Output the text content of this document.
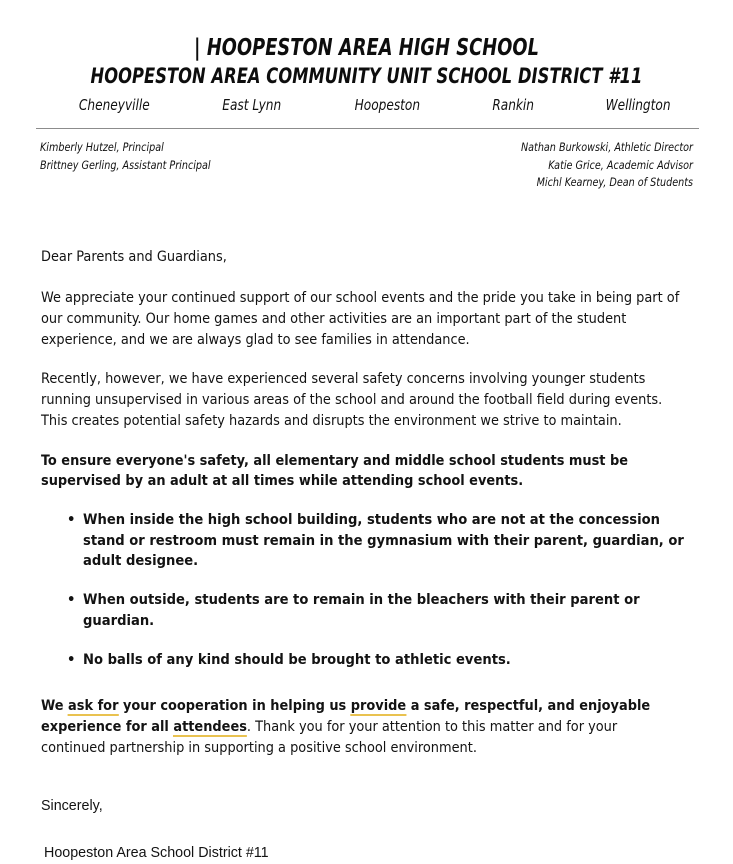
| HOOPESTON AREA HIGH SCHOOL
HOOPESTON AREA COMMUNITY UNIT SCHOOL DISTRICT #11
Cheneyville	East Lynn	Hoopeston	Rankin	Wellington
Kimberly Hutzel, Principal
Brittney Gerling, Assistant Principal
Nathan Burkowski, Athletic Director
Katie Grice, Academic Advisor
Michl Kearney, Dean of Students

Dear Parents and Guardians,

We appreciate your continued support of our school events and the pride you take in being part of our community. Our home games and other activities are an important part of the student experience, and we are always glad to see families in attendance.

Recently, however, we have experienced several safety concerns involving younger students running unsupervised in various areas of the school and around the football field during events. This creates potential safety hazards and disrupts the environment we strive to maintain.

To ensure everyone's safety, all elementary and middle school students must be supervised by an adult at all times while attending school events.

• When inside the high school building, students who are not at the concession stand or restroom must remain in the gymnasium with their parent, guardian, or adult designee.
• When outside, students are to remain in the bleachers with their parent or guardian.
• No balls of any kind should be brought to athletic events.

We ask for your cooperation in helping us provide a safe, respectful, and enjoyable experience for all attendees. Thank you for your attention to this matter and for your continued partnership in supporting a positive school environment.

Sincerely,
Hoopeston Area School District #11
